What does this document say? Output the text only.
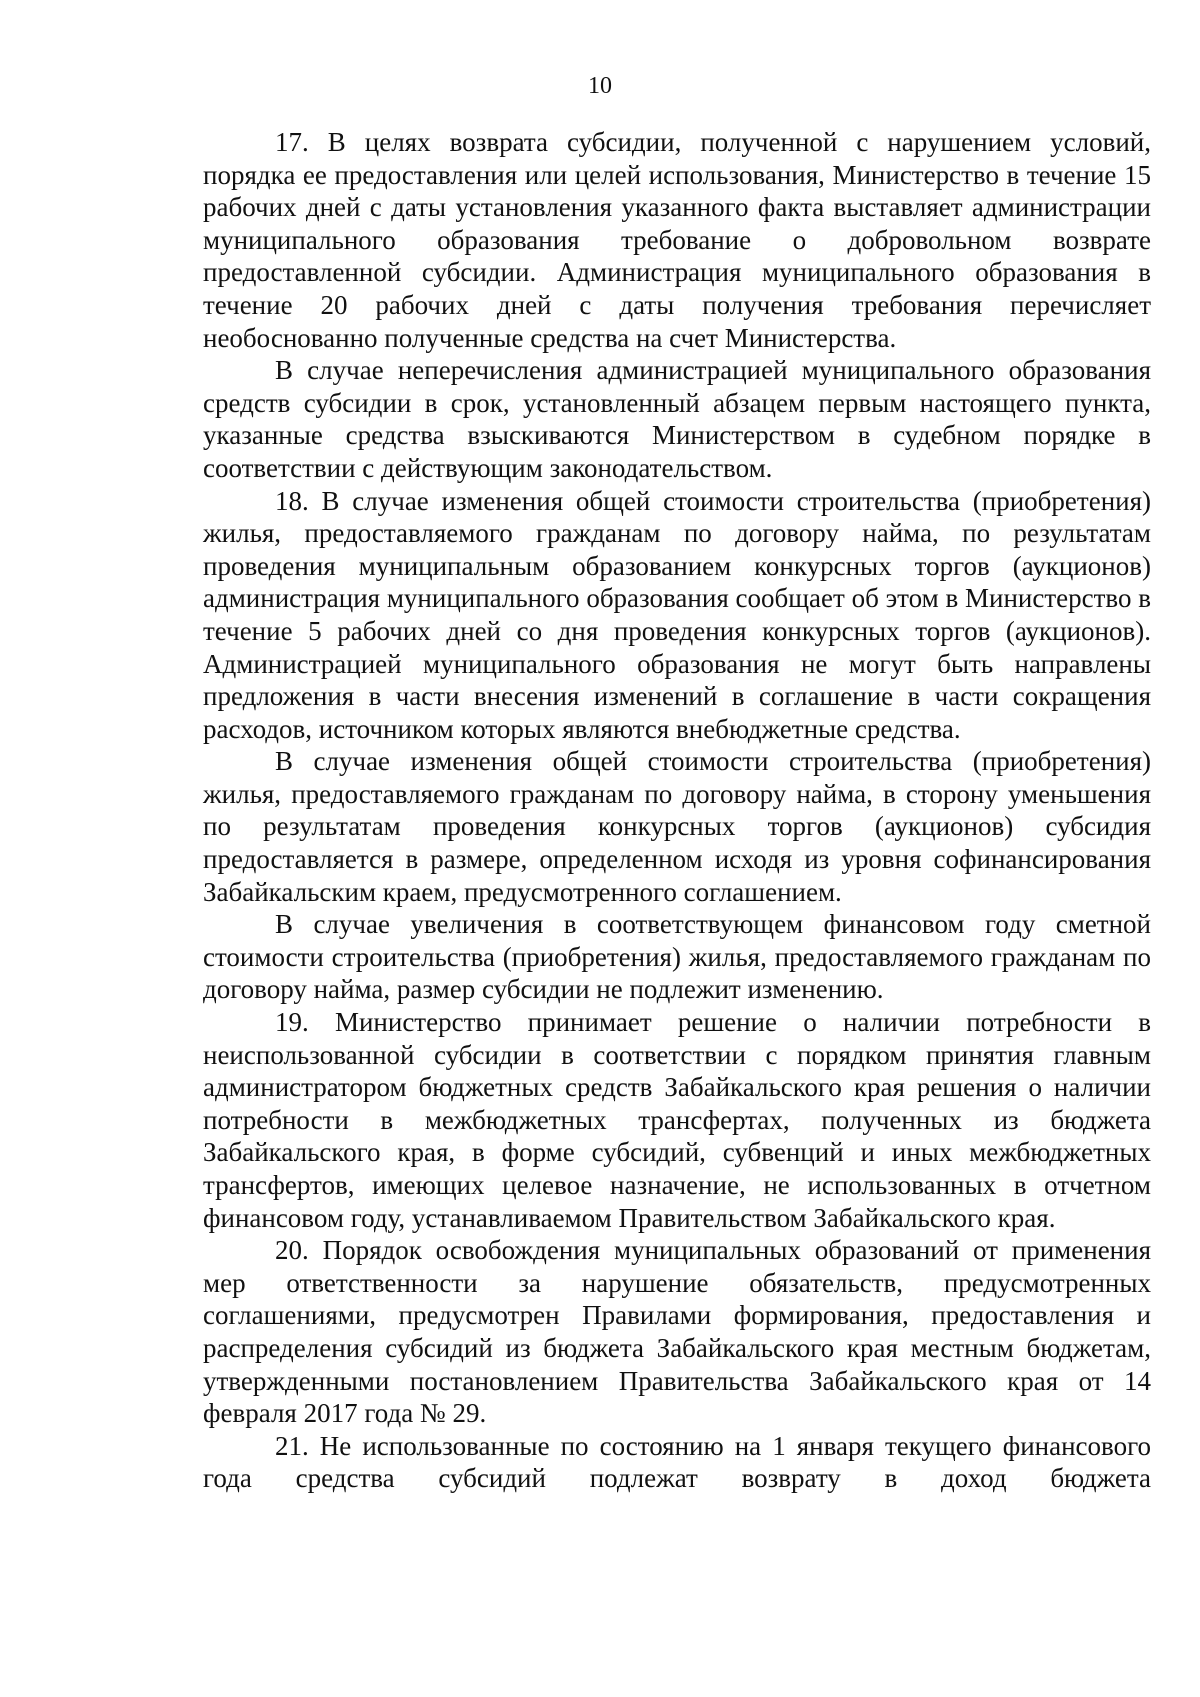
10

17. В целях возврата субсидии, полученной с нарушением условий, порядка ее предоставления или целей использования, Министерство в течение 15 рабочих дней с даты установления указанного факта выставляет администрации муниципального образования требование о добровольном возврате предоставленной субсидии. Администрация муниципального образования в течение 20 рабочих дней с даты получения требования перечисляет необоснованно полученные средства на счет Министерства.

В случае неперечисления администрацией муниципального образования средств субсидии в срок, установленный абзацем первым настоящего пункта, указанные средства взыскиваются Министерством в судебном порядке в соответствии с действующим законодательством.

18. В случае изменения общей стоимости строительства (приобретения) жилья, предоставляемого гражданам по договору найма, по результатам проведения муниципальным образованием конкурсных торгов (аукционов) администрация муниципального образования сообщает об этом в Министерство в течение 5 рабочих дней со дня проведения конкурсных торгов (аукционов). Администрацией муниципального образования не могут быть направлены предложения в части внесения изменений в соглашение в части сокращения расходов, источником которых являются внебюджетные средства.

В случае изменения общей стоимости строительства (приобретения) жилья, предоставляемого гражданам по договору найма, в сторону уменьшения по результатам проведения конкурсных торгов (аукционов) субсидия предоставляется в размере, определенном исходя из уровня софинансирования Забайкальским краем, предусмотренного соглашением.

В случае увеличения в соответствующем финансовом году сметной стоимости строительства (приобретения) жилья, предоставляемого гражданам по договору найма, размер субсидии не подлежит изменению.

19. Министерство принимает решение о наличии потребности в неиспользованной субсидии в соответствии с порядком принятия главным администратором бюджетных средств Забайкальского края решения о наличии потребности в межбюджетных трансфертах, полученных из бюджета Забайкальского края, в форме субсидий, субвенций и иных межбюджетных трансфертов, имеющих целевое назначение, не использованных в отчетном финансовом году, устанавливаемом Правительством Забайкальского края.

20. Порядок освобождения муниципальных образований от применения мер ответственности за нарушение обязательств, предусмотренных соглашениями, предусмотрен Правилами формирования, предоставления и распределения субсидий из бюджета Забайкальского края местным бюджетам, утвержденными постановлением Правительства Забайкальского края от 14 февраля 2017 года № 29.

21. Не использованные по состоянию на 1 января текущего финансового года средства субсидий подлежат возврату в доход бюджета
